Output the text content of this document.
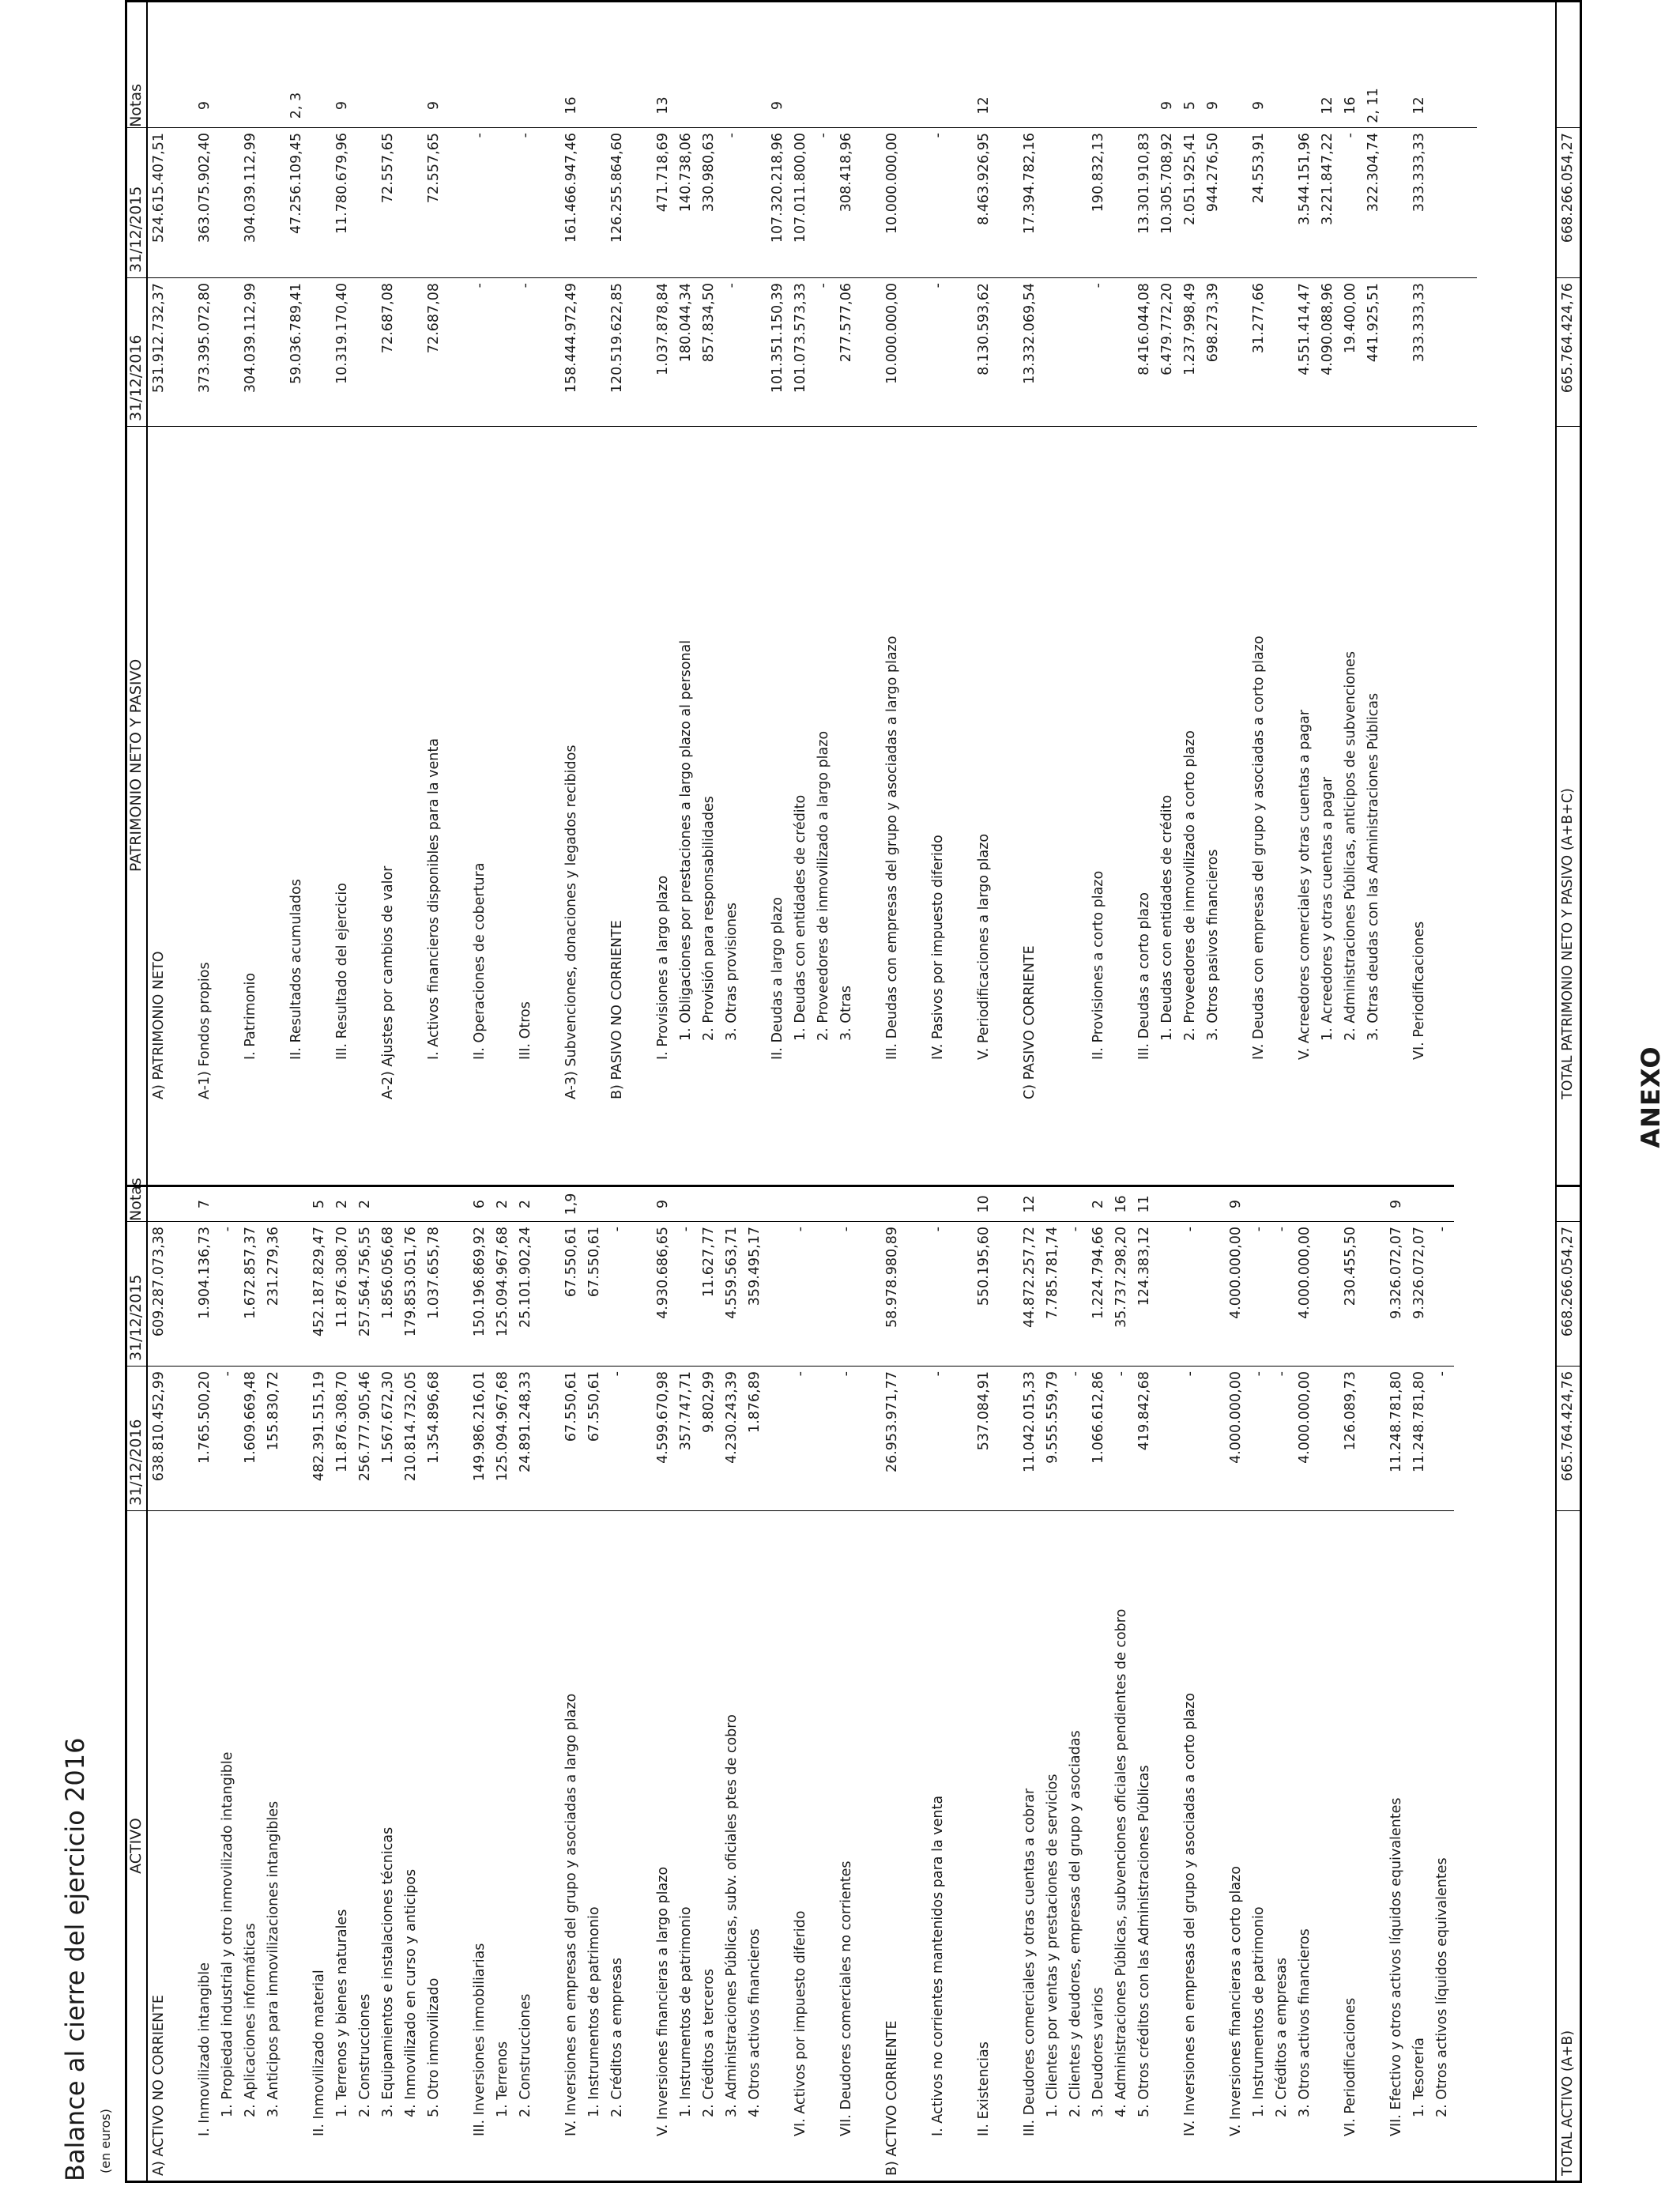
ANEXO
Balance al cierre del ejercicio 2016 (en euros)
ACTIVO
31/12/2016
31/12/2015
Notas
A) ACTIVO NO CORRIENTE
638.810.452,99
609.287.073,38
I. Inmovilizado intangible
1.765.500,20
1.904.136,73
7
1. Propiedad industrial y otro inmovilizado intangible
-
-
2. Aplicaciones informáticas
1.609.669,48
1.672.857,37
3. Anticipos para inmovilizaciones intangibles
155.830,72
231.279,36
II. Inmovilizado material
482.391.515,19
452.187.829,47
5
1. Terrenos y bienes naturales
11.876.308,70
11.876.308,70
2
2. Construcciones
256.777.905,46
257.564.756,55
2
3. Equipamientos e instalaciones técnicas
1.567.672,30
1.856.056,68
4. Inmovilizado en curso y anticipos
210.814.732,05
179.853.051,76
5. Otro inmovilizado
1.354.896,68
1.037.655,78
III. Inversiones inmobiliarias
149.986.216,01
150.196.869,92
6
1. Terrenos
125.094.967,68
125.094.967,68
2
2. Construcciones
24.891.248,33
25.101.902,24
2
IV. Inversiones en empresas del grupo y asociadas a largo plazo
67.550,61
67.550,61
1,9
1. Instrumentos de patrimonio
67.550,61
67.550,61
2. Créditos a empresas
-
-
V. Inversiones financieras a largo plazo
4.599.670,98
4.930.686,65
9
1. Instrumentos de patrimonio
357.747,71
-
2. Créditos a terceros
9.802,99
11.627,77
3. Administraciones Públicas, subv. oficiales ptes de cobro
4.230.243,39
4.559.563,71
4. Otros activos financieros
1.876,89
359.495,17
VI. Activos por impuesto diferido
-
-
VII. Deudores comerciales no corrientes
-
-
B) ACTIVO CORRIENTE
26.953.971,77
58.978.980,89
I. Activos no corrientes mantenidos para la venta
-
-
II. Existencias
537.084,91
550.195,60
10
III. Deudores comerciales y otras cuentas a cobrar
11.042.015,33
44.872.257,72
12
1. Clientes por ventas y prestaciones de servicios
9.555.559,79
7.785.781,74
2. Clientes y deudores, empresas del grupo y asociadas
-
-
3. Deudores varios
1.066.612,86
1.224.794,66
2
4. Administraciones Públicas, subvenciones oficiales pendientes de cobro
-
35.737.298,20
16
5. Otros créditos con las Administraciones Públicas
419.842,68
124.383,12
11
IV. Inversiones en empresas del grupo y asociadas a corto plazo
-
-
V. Inversiones financieras a corto plazo
4.000.000,00
4.000.000,00
9
1. Instrumentos de patrimonio
-
-
2. Créditos a empresas
-
-
3. Otros activos financieros
4.000.000,00
4.000.000,00
VI. Periodificaciones
126.089,73
230.455,50
VII. Efectivo y otros activos líquidos equivalentes
11.248.781,80
9.326.072,07
9
1. Tesorería
11.248.781,80
9.326.072,07
2. Otros activos líquidos equivalentes
-
-
TOTAL ACTIVO (A+B)
665.764.424,76
668.266.054,27
PATRIMONIO NETO Y PASIVO
31/12/2016
31/12/2015
Notas
A) PATRIMONIO NETO
531.912.732,37
524.615.407,51
A-1) Fondos propios
373.395.072,80
363.075.902,40
9
I. Patrimonio
304.039.112,99
304.039.112,99
II. Resultados acumulados
59.036.789,41
47.256.109,45
2, 3
III. Resultado del ejercicio
10.319.170,40
11.780.679,96
9
A-2) Ajustes por cambios de valor
72.687,08
72.557,65
I. Activos financieros disponibles para la venta
72.687,08
72.557,65
9
II. Operaciones de cobertura
-
-
III. Otros
-
-
A-3) Subvenciones, donaciones y legados recibidos
158.444.972,49
161.466.947,46
16
B) PASIVO NO CORRIENTE
120.519.622,85
126.255.864,60
I. Provisiones a largo plazo
1.037.878,84
471.718,69
13
1. Obligaciones por prestaciones a largo plazo al personal
180.044,34
140.738,06
2. Provisión para responsabilidades
857.834,50
330.980,63
3. Otras provisiones
-
-
II. Deudas a largo plazo
101.351.150,39
107.320.218,96
9
1. Deudas con entidades de crédito
101.073.573,33
107.011.800,00
2. Proveedores de inmovilizado a largo plazo
-
-
3. Otras
277.577,06
308.418,96
III. Deudas con empresas del grupo y asociadas a largo plazo
10.000.000,00
10.000.000,00
IV. Pasivos por impuesto diferido
-
-
V. Periodificaciones a largo plazo
8.130.593,62
8.463.926,95
12
C) PASIVO CORRIENTE
13.332.069,54
17.394.782,16
II. Provisiones a corto plazo
-
190.832,13
III. Deudas a corto plazo
8.416.044,08
13.301.910,83
1. Deudas con entidades de crédito
6.479.772,20
10.305.708,92
9
2. Proveedores de inmovilizado a corto plazo
1.237.998,49
2.051.925,41
5
3. Otros pasivos financieros
698.273,39
944.276,50
9
IV. Deudas con empresas del grupo y asociadas a corto plazo
31.277,66
24.553,91
9
V. Acreedores comerciales y otras cuentas a pagar
4.551.414,47
3.544.151,96
1. Acreedores y otras cuentas a pagar
4.090.088,96
3.221.847,22
12
2. Administraciones Públicas, anticipos de subvenciones
19.400,00
-
16
3. Otras deudas con las Administraciones Públicas
441.925,51
322.304,74
2, 11
VI. Periodificaciones
333.333,33
333.333,33
12
TOTAL PATRIMONIO NETO Y PASIVO (A+B+C)
665.764.424,76
668.266.054,27
